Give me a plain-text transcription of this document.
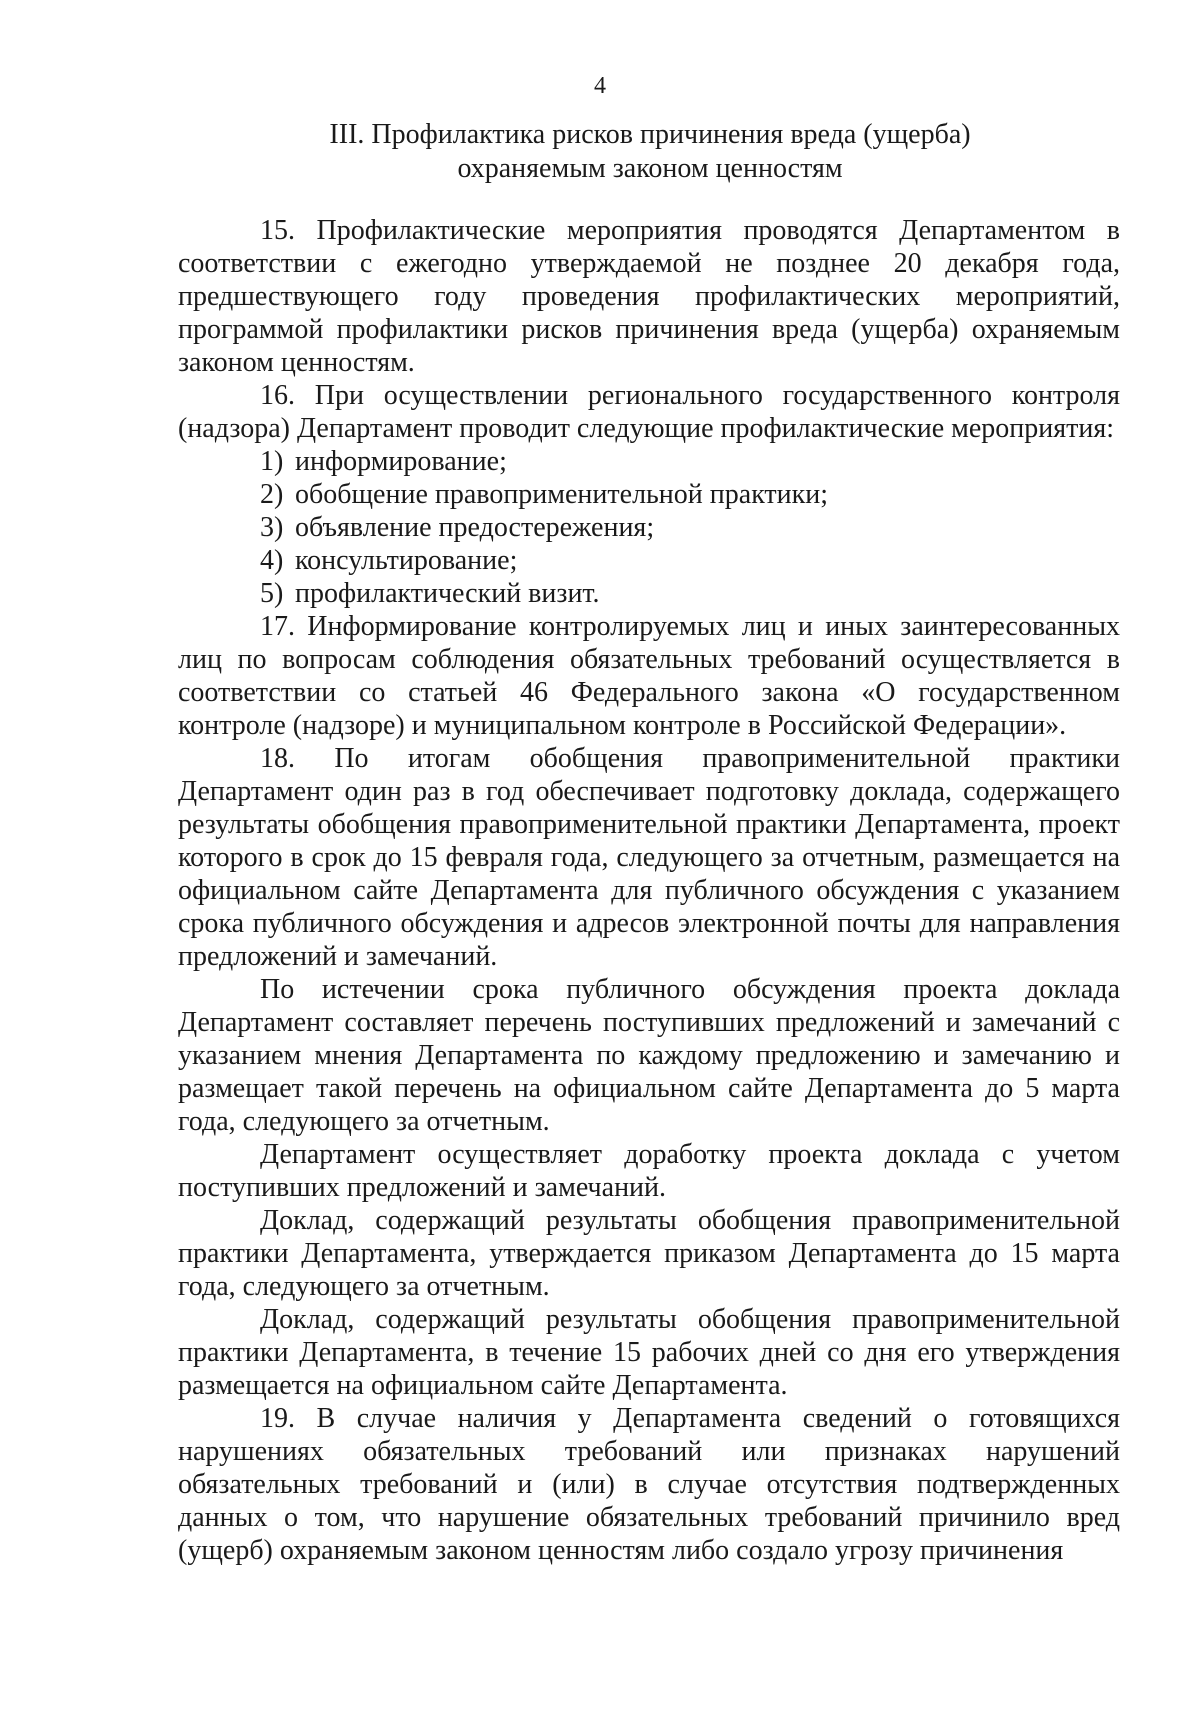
4
III. Профилактика рисков причинения вреда (ущерба)
охраняемым законом ценностям

15. Профилактические мероприятия проводятся Департаментом в соответствии с ежегодно утверждаемой не позднее 20 декабря года, предшествующего году проведения профилактических мероприятий, программой профилактики рисков причинения вреда (ущерба) охраняемым законом ценностям.

16. При осуществлении регионального государственного контроля (надзора) Департамент проводит следующие профилактические мероприятия:

1) информирование;

2) обобщение правоприменительной практики;

3) объявление предостережения;

4) консультирование;

5) профилактический визит.

17. Информирование контролируемых лиц и иных заинтересованных лиц по вопросам соблюдения обязательных требований осуществляется в соответствии со статьей 46 Федерального закона «О государственном контроле (надзоре) и муниципальном контроле в Российской Федерации».

18. По итогам обобщения правоприменительной практики Департамент один раз в год обеспечивает подготовку доклада, содержащего результаты обобщения правоприменительной практики Департамента, проект которого в срок до 15 февраля года, следующего за отчетным, размещается на официальном сайте Департамента для публичного обсуждения с указанием срока публичного обсуждения и адресов электронной почты для направления предложений и замечаний.

По истечении срока публичного обсуждения проекта доклада Департамент составляет перечень поступивших предложений и замечаний с указанием мнения Департамента по каждому предложению и замечанию и размещает такой перечень на официальном сайте Департамента до 5 марта года, следующего за отчетным.

Департамент осуществляет доработку проекта доклада с учетом поступивших предложений и замечаний.

Доклад, содержащий результаты обобщения правоприменительной практики Департамента, утверждается приказом Департамента до 15 марта года, следующего за отчетным.

Доклад, содержащий результаты обобщения правоприменительной практики Департамента, в течение 15 рабочих дней со дня его утверждения размещается на официальном сайте Департамента.

19. В случае наличия у Департамента сведений о готовящихся нарушениях обязательных требований или признаках нарушений обязательных требований и (или) в случае отсутствия подтвержденных данных о том, что нарушение обязательных требований причинило вред (ущерб) охраняемым законом ценностям либо создало угрозу причинения
